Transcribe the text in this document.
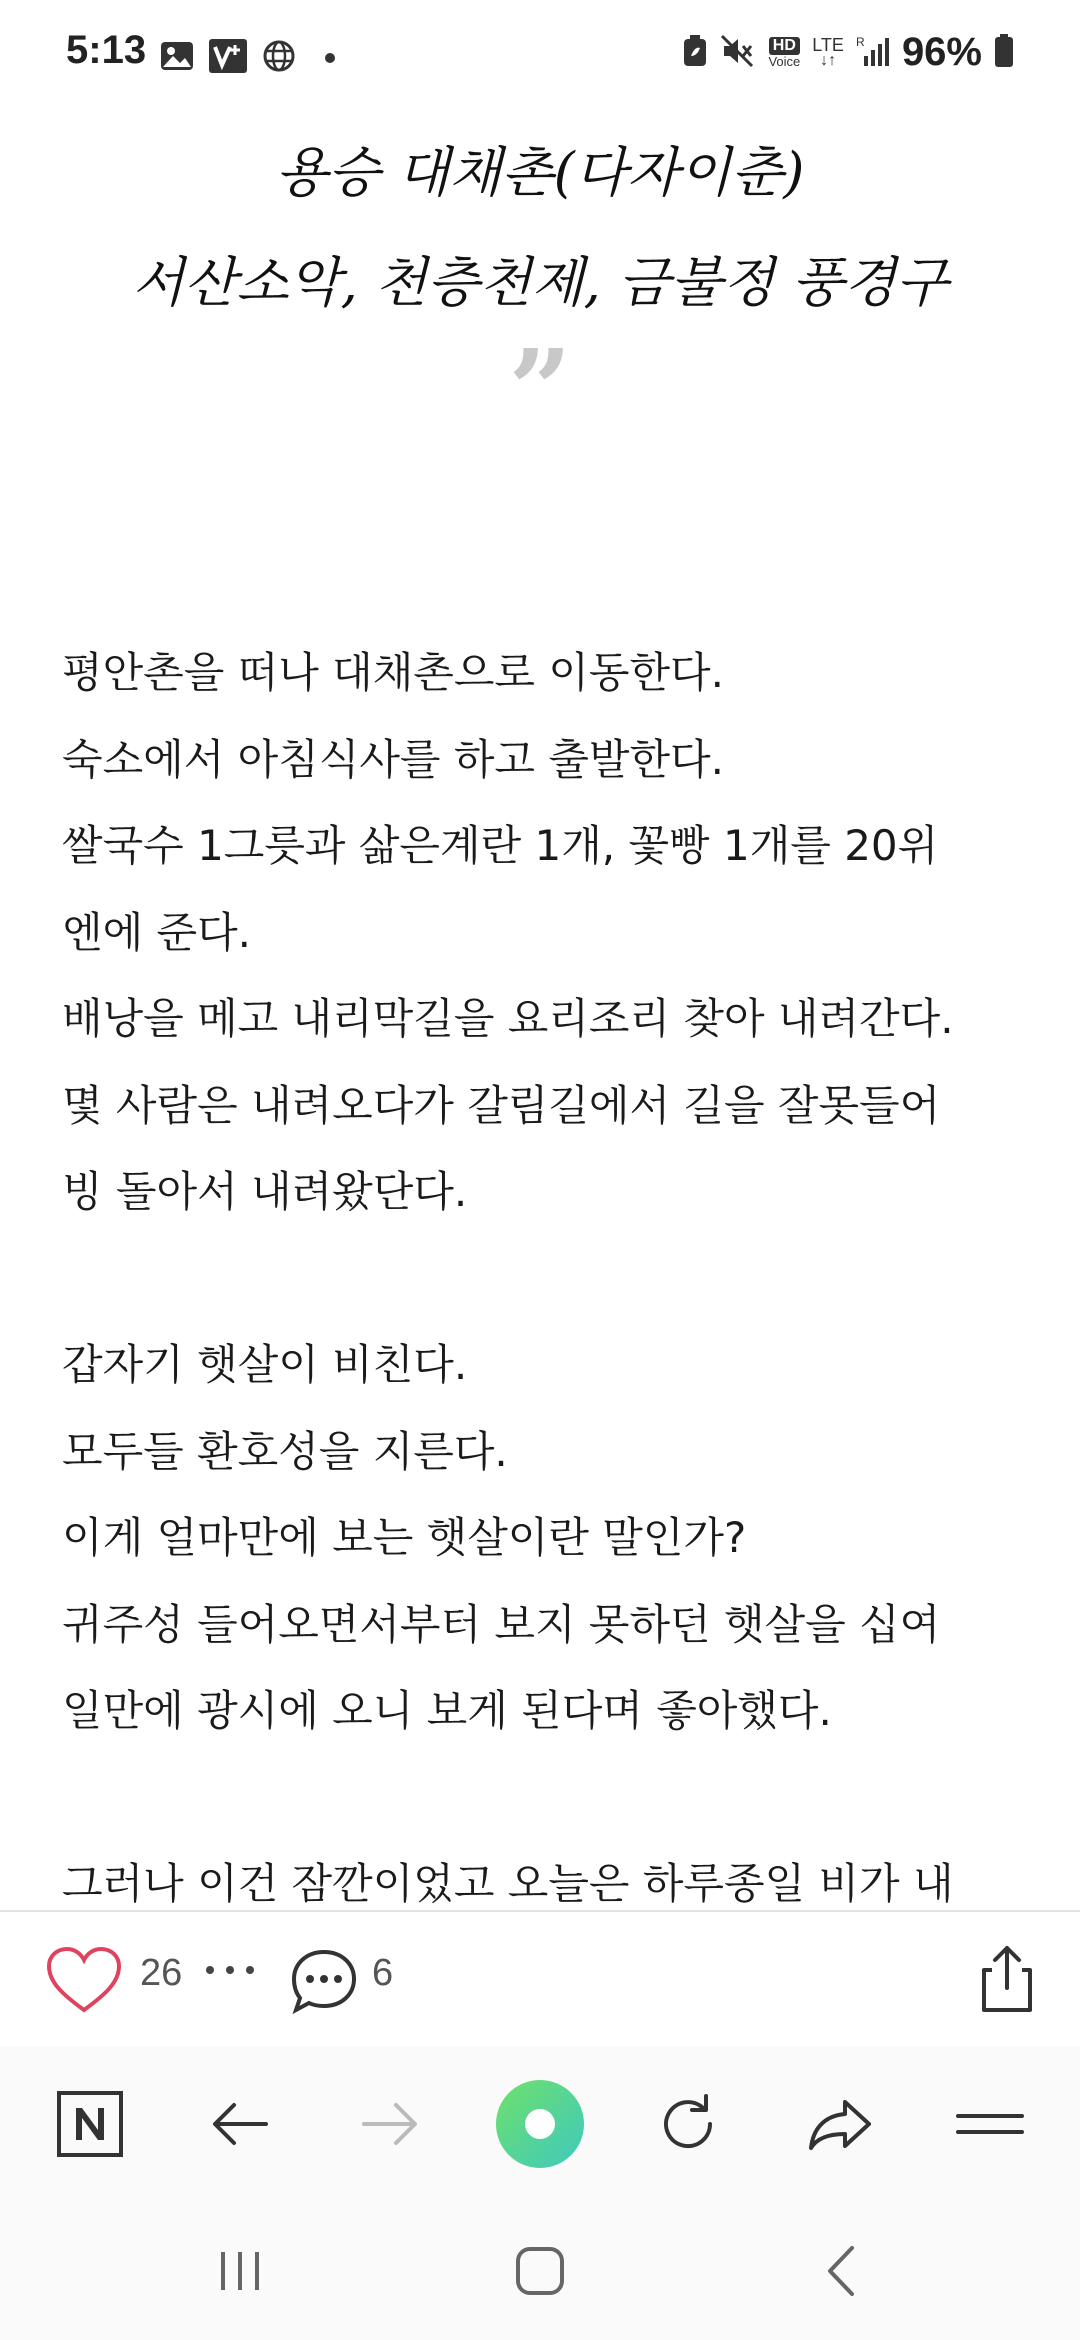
5:13	HD
Voice
LTE
↓↑
R 96%
용승 대채촌(다자이춘)
서산소악, 천층천제, 금불정 풍경구
”
평안촌을 떠나 대채촌으로 이동한다.
숙소에서 아침식사를 하고 출발한다.
쌀국수 1그릇과 삶은계란 1개, 꽃빵 1개를 20위
엔에 준다.
배낭을 메고 내리막길을 요리조리 찾아 내려간다.
몇 사람은 내려오다가 갈림길에서 길을 잘못들어
빙 돌아서 내려왔단다.
갑자기 햇살이 비친다.
모두들 환호성을 지른다.
이게 얼마만에 보는 햇살이란 말인가?
귀주성 들어오면서부터 보지 못하던 햇살을 십여
일만에 광시에 오니 보게 된다며 좋아했다.
그러나 이건 잠깐이었고 오늘은 하루종일 비가 내
26	6
